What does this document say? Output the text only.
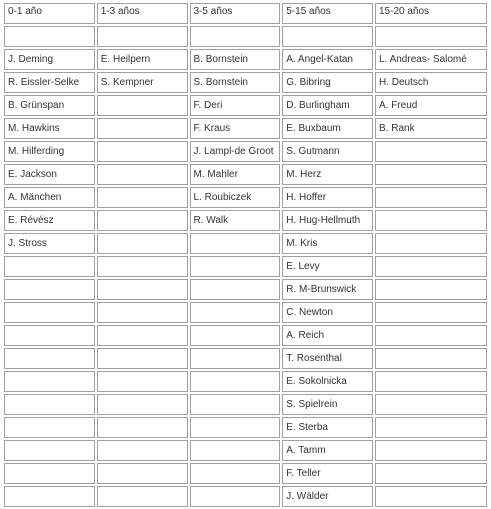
0-1 año	1-3 años	3-5 años	5-15 años	15-20 años

J. Deming	E. Heilpern	B. Bornstein	A. Angel-Katan	L. Andreas- Salomé
R. Eissler-Selke	S. Kempner	S. Bornstein	G. Bibring	H. Deutsch
B. Grünspan		F. Deri	D. Burlingham	A. Freud
M. Hawkins		F. Kraus	E. Buxbaum	B. Rank
M. Hilferding		J. Lampl-de Groot	S. Gutmann	
E. Jackson		M. Mahler	M. Herz	
A. Mänchen		L. Roubiczek	H. Hoffer	
E. Révész		R. Walk	H. Hug-Hellmuth	
J. Stross			M. Kris	
			E. Levy	
			R. M-Brunswick	
			C. Newton	
			A. Reich	
			T. Rosenthal	
			E. Sokolnicka	
			S. Spielrein	
			E. Sterba	
			A. Tamm	
			F. Teller	
			J. Wälder	
